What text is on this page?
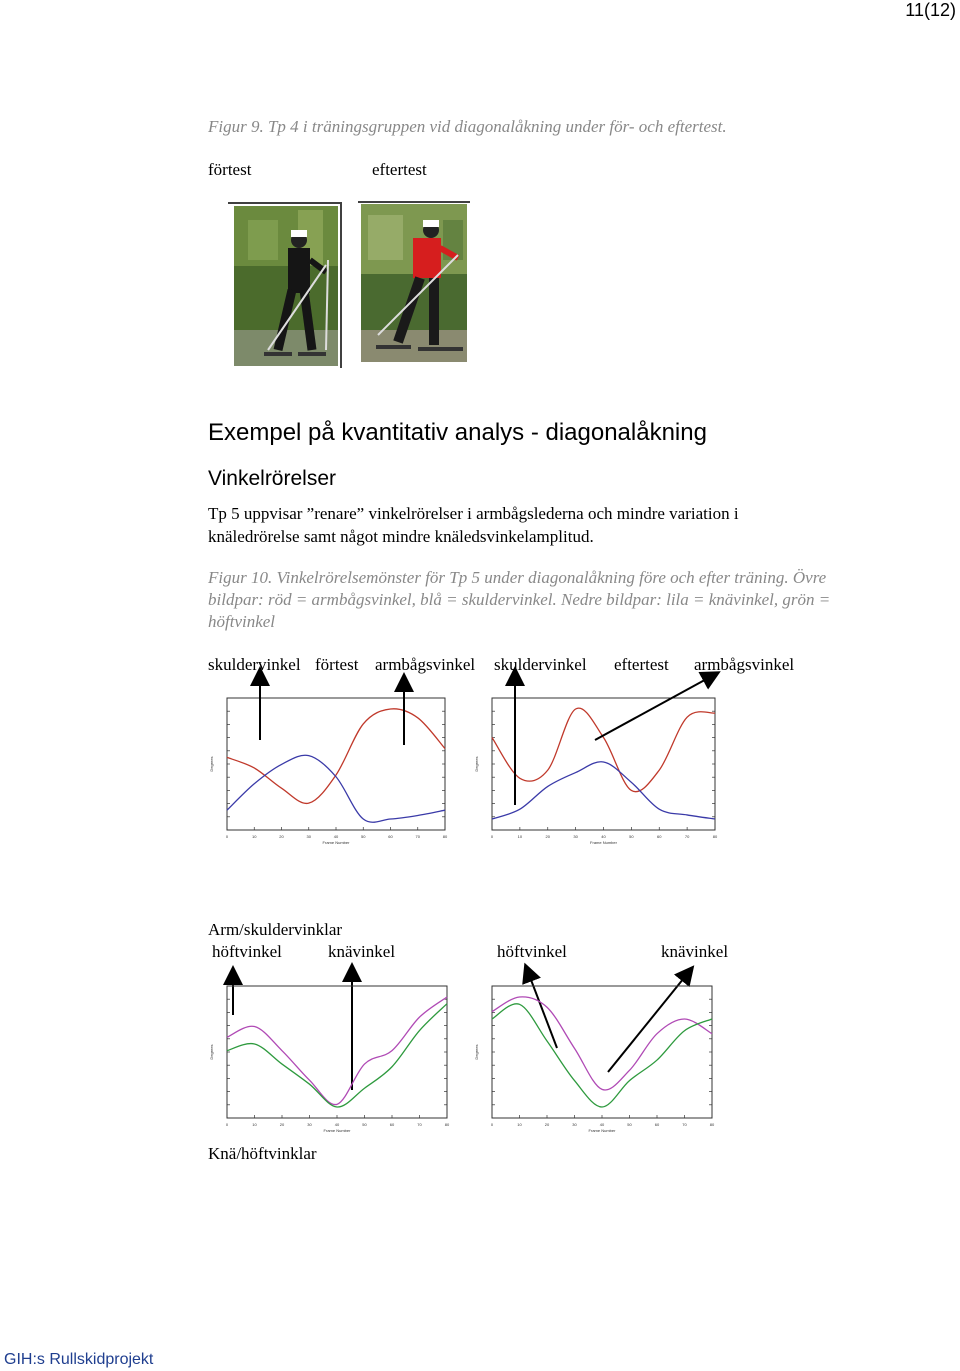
11(12)
Figur 9. Tp 4 i träningsgruppen vid diagonalåkning under för- och eftertest.
förtest	eftertest
Exempel på kvantitativ analys - diagonalåkning
Vinkelrörelser
Tp 5 uppvisar ”renare” vinkelrörelser i armbågslederna och mindre variation i knäledrörelse samt något mindre knäledsvinkelamplitud.
Figur 10. Vinkelrörelsemönster för Tp 5 under diagonalåkning före och efter träning. Övre bildpar: röd = armbågsvinkel, blå = skuldervinkel. Nedre bildpar: lila = knävinkel, grön = höftvinkel
skuldervinkel förtest armbågsvinkel skuldervinkel eftertest armbågsvinkel
0	10	20	30	40	50	60	70	80
Frame Number
Degrees
0	10	20	30	40	50	60	70	80
Frame Number
Degrees
Arm/skuldervinklar
höftvinkel	knävinkel	höftvinkel	knävinkel
0	10	20	30	40	50	60	70	80
Frame Number
Degrees
0	10	20	30	40	50	60	70	80
Frame Number
Degrees
Knä/höftvinklar
GIH:s Rullskidprojekt
